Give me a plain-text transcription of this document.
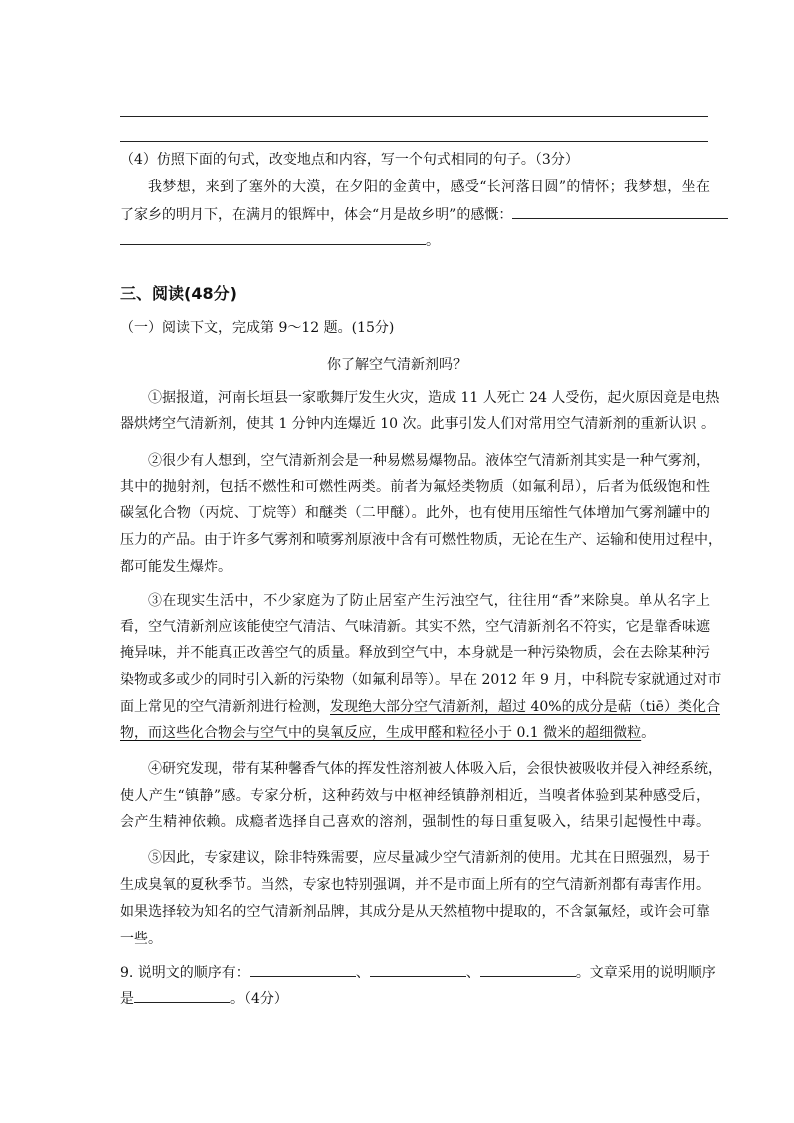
（4）仿照下面的句式，改变地点和内容，写一个句式相同的句子。（3分）
我梦想，来到了塞外的大漠，在夕阳的金黄中，感受“长河落日圆”的情怀；我梦想，坐在
了家乡的明月下，在满月的银辉中，体会“月是故乡明”的感慨：
。
三、阅读(48分)
（一）阅读下文，完成第 9～12 题。(15分)
你了解空气清新剂吗？
①据报道，河南长垣县一家歌舞厅发生火灾，造成 11 人死亡 24 人受伤，起火原因竟是电热
器烘烤空气清新剂，使其 1 分钟内连爆近 10 次。此事引发人们对常用空气清新剂的重新认识 。
②很少有人想到，空气清新剂会是一种易燃易爆物品。液体空气清新剂其实是一种气雾剂，
其中的抛射剂，包括不燃性和可燃性两类。前者为氟烃类物质（如氟利昂），后者为低级饱和性
碳氢化合物（丙烷、丁烷等）和醚类（二甲醚）。此外，也有使用压缩性气体增加气雾剂罐中的
压力的产品。由于许多气雾剂和喷雾剂原液中含有可燃性物质，无论在生产、运输和使用过程中，
都可能发生爆炸。
③在现实生活中，不少家庭为了防止居室产生污浊空气，往往用“香”来除臭。单从名字上
看，空气清新剂应该能使空气清洁、气味清新。其实不然，空气清新剂名不符实，它是靠香味遮
掩异味，并不能真正改善空气的质量。释放到空气中，本身就是一种污染物质，会在去除某种污
染物或多或少的同时引入新的污染物（如氟利昂等）。早在 2012 年 9 月，中科院专家就通过对市
面上常见的空气清新剂进行检测，发现绝大部分空气清新剂，超过 40%的成分是萜（tiē）类化合
物，而这些化合物会与空气中的臭氧反应，生成甲醛和粒径小于 0.1 微米的超细微粒。
④研究发现，带有某种馨香气体的挥发性溶剂被人体吸入后，会很快被吸收并侵入神经系统，
使人产生“镇静”感。专家分析，这种药效与中枢神经镇静剂相近，当嗅者体验到某种感受后，
会产生精神依赖。成瘾者选择自己喜欢的溶剂，强制性的每日重复吸入，结果引起慢性中毒。
⑤因此，专家建议，除非特殊需要，应尽量减少空气清新剂的使用。尤其在日照强烈，易于
生成臭氧的夏秋季节。当然，专家也特别强调，并不是市面上所有的空气清新剂都有毒害作用。
如果选择较为知名的空气清新剂品牌，其成分是从天然植物中提取的，不含氯氟烃，或许会可靠
一些。
9. 说明文的顺序有：	、	、	。文章采用的说明顺序
是	。（4分）
